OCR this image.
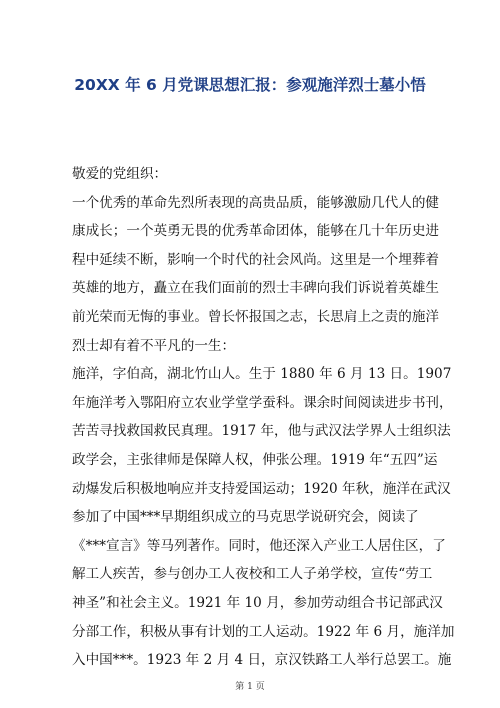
20XX 年 6 月党课思想汇报：参观施洋烈士墓小悟
敬爱的党组织：
一个优秀的革命先烈所表现的高贵品质，能够激励几代人的健
康成长；一个英勇无畏的优秀革命团体，能够在几十年历史进
程中延续不断，影响一个时代的社会风尚。这里是一个埋葬着
英雄的地方，矗立在我们面前的烈士丰碑向我们诉说着英雄生
前光荣而无悔的事业。曾长怀报国之志，长思肩上之责的施洋
烈士却有着不平凡的一生：
施洋，字伯高，湖北竹山人。生于 1880 年 6 月 13 日。1907
年施洋考入鄂阳府立农业学堂学蚕科。课余时间阅读进步书刊，
苦苦寻找救国救民真理。1917 年，他与武汉法学界人士组织法
政学会，主张律师是保障人权，伸张公理。1919 年“五四”运
动爆发后积极地响应并支持爱国运动；1920 年秋，施洋在武汉
参加了中国***早期组织成立的马克思学说研究会，阅读了
《***宣言》等马列著作。同时，他还深入产业工人居住区，了
解工人疾苦，参与创办工人夜校和工人子弟学校，宣传“劳工
神圣”和社会主义。1921 年 10 月，参加劳动组合书记部武汉
分部工作，积极从事有计划的工人运动。1922 年 6 月，施洋加
入中国***。1923 年 2 月 4 日，京汉铁路工人举行总罢工。施
第 1 页
